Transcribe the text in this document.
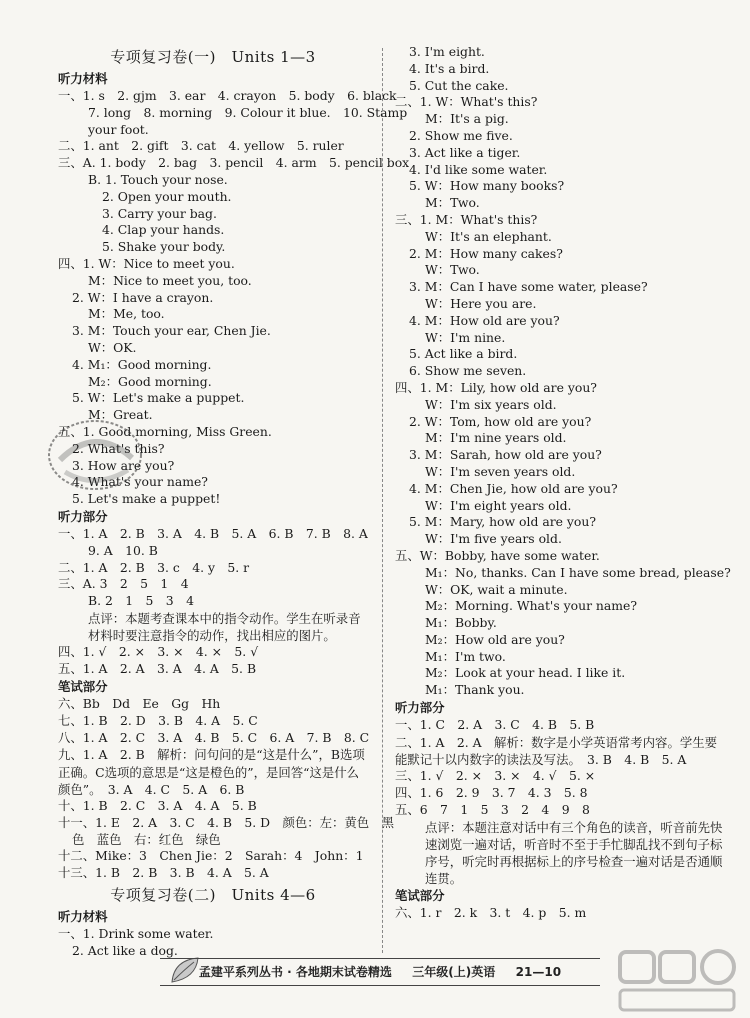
专项复习卷(一)　Units 1—3
听力材料
一、1. s　2. gjm　3. ear　4. crayon　5. body　6. black
7. long　8. morning　9. Colour it blue.　10. Stamp
your foot.
二、1. ant　2. gift　3. cat　4. yellow　5. ruler
三、A. 1. body　2. bag　3. pencil　4. arm　5. pencil box
B. 1. Touch your nose.
2. Open your mouth.
3. Carry your bag.
4. Clap your hands.
5. Shake your body.
四、1. W：Nice to meet you.
M：Nice to meet you, too.
2. W：I have a crayon.
M：Me, too.
3. M：Touch your ear, Chen Jie.
W：OK.
4. M₁：Good morning.
M₂：Good morning.
5. W：Let's make a puppet.
M：Great.
五、1. Good morning, Miss Green.
2. What's this?
3. How are you?
4. What's your name?
5. Let's make a puppet!
听力部分
一、1. A　2. B　3. A　4. B　5. A　6. B　7. B　8. A
9. A　10. B
二、1. A　2. B　3. c　4. y　5. r
三、A. 3　2　5　1　4
B. 2　1　5　3　4
点评：本题考查课本中的指令动作。学生在听录音材料时要注意指令的动作，找出相应的图片。
四、1. √　2. ×　3. ×　4. ×　5. √
五、1. A　2. A　3. A　4. A　5. B
笔试部分
六、Bb　Dd　Ee　Gg　Hh
七、1. B　2. D　3. B　4. A　5. C
八、1. A　2. C　3. A　4. B　5. C　6. A　7. B　8. C
九、1. A　2. B　解析：问句问的是“这是什么”，B选项正确。C选项的意思是“这是橙色的”，是回答“这是什么颜色”。　3. A　4. C　5. A　6. B
十、1. B　2. C　3. A　4. A　5. B
十一、1. E　2. A　3. C　4. B　5. D　颜色：左：黄色　黑
色　蓝色　右：红色　绿色
十二、Mike：3　Chen Jie：2　Sarah：4　John：1
十三、1. B　2. B　3. B　4. A　5. A
专项复习卷(二)　Units 4—6
听力材料
一、1. Drink some water.
2. Act like a dog.
3. I'm eight.
4. It's a bird.
5. Cut the cake.
二、1. W：What's this?
M：It's a pig.
2. Show me five.
3. Act like a tiger.
4. I'd like some water.
5. W：How many books?
M：Two.
三、1. M：What's this?
W：It's an elephant.
2. M：How many cakes?
W：Two.
3. M：Can I have some water, please?
W：Here you are.
4. M：How old are you?
W：I'm nine.
5. Act like a bird.
6. Show me seven.
四、1. M：Lily, how old are you?
W：I'm six years old.
2. W：Tom, how old are you?
M：I'm nine years old.
3. M：Sarah, how old are you?
W：I'm seven years old.
4. M：Chen Jie, how old are you?
W：I'm eight years old.
5. M：Mary, how old are you?
W：I'm five years old.
五、W：Bobby, have some water.
M₁：No, thanks. Can I have some bread, please?
W：OK, wait a minute.
M₂：Morning. What's your name?
M₁：Bobby.
M₂：How old are you?
M₁：I'm two.
M₂：Look at your head. I like it.
M₁：Thank you.
听力部分
一、1. C　2. A　3. C　4. B　5. B
二、1. A　2. A　解析：数字是小学英语常考内容。学生要能默记十以内数字的读法及写法。　3. B　4. B　5. A
三、1. √　2. ×　3. ×　4. √　5. ×
四、1. 6　2. 9　3. 7　4. 3　5. 8
五、6　7　1　5　3　2　4　9　8
点评：本题注意对话中有三个角色的读音，听音前先快速浏览一遍对话，听音时不至于手忙脚乱找不到句子标序号，听完时再根据标上的序号检查一遍对话是否通顺连贯。
笔试部分
六、1. r　2. k　3. t　4. p　5. m
孟建平系列丛书 · 各地期末试卷精选 　 三年级(上)英语 　 21—10
